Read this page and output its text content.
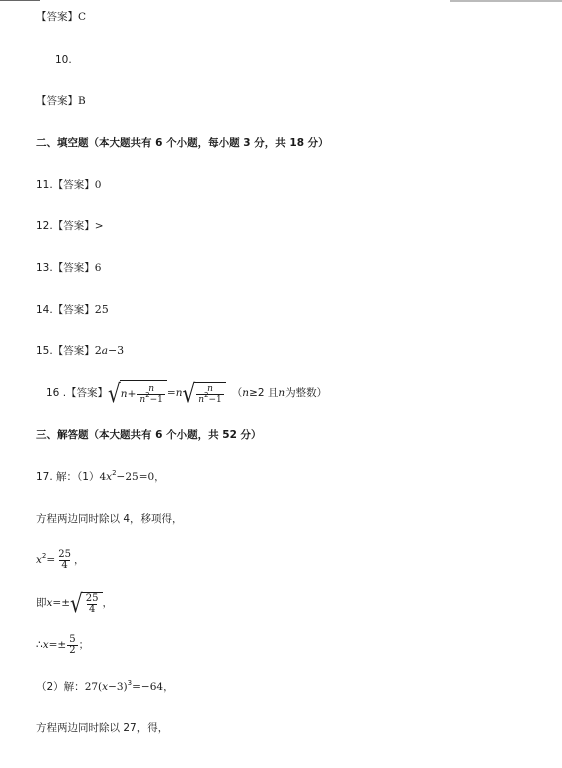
【答案】C
10.
【答案】B
二、填空题（本大题共有 6 个小题，每小题 3 分，共 18 分）
11.【答案】0
12.【答案】>
13.【答案】6
14.【答案】25
15.【答案】2a−3
16 .【答案】 √ $n + \frac{n}{n^2-1} =n$ √ $\frac{n}{n^2-1} (n\ge 2$ 且n为整数）
三、解答题（本大题共有 6 个小题，共 52 分）
17. 解：$(1)4x^2-25=0$，
方程两边同时除以 4，移项得，
$x^2= \frac{25}{4}$ ，
即x=± √ $\frac{25}{4}$ ，
∴x=± $\frac{5}{2}$ ；
（2）解：$27(x-3)^3=-64$，
方程两边同时除以 27，得，
